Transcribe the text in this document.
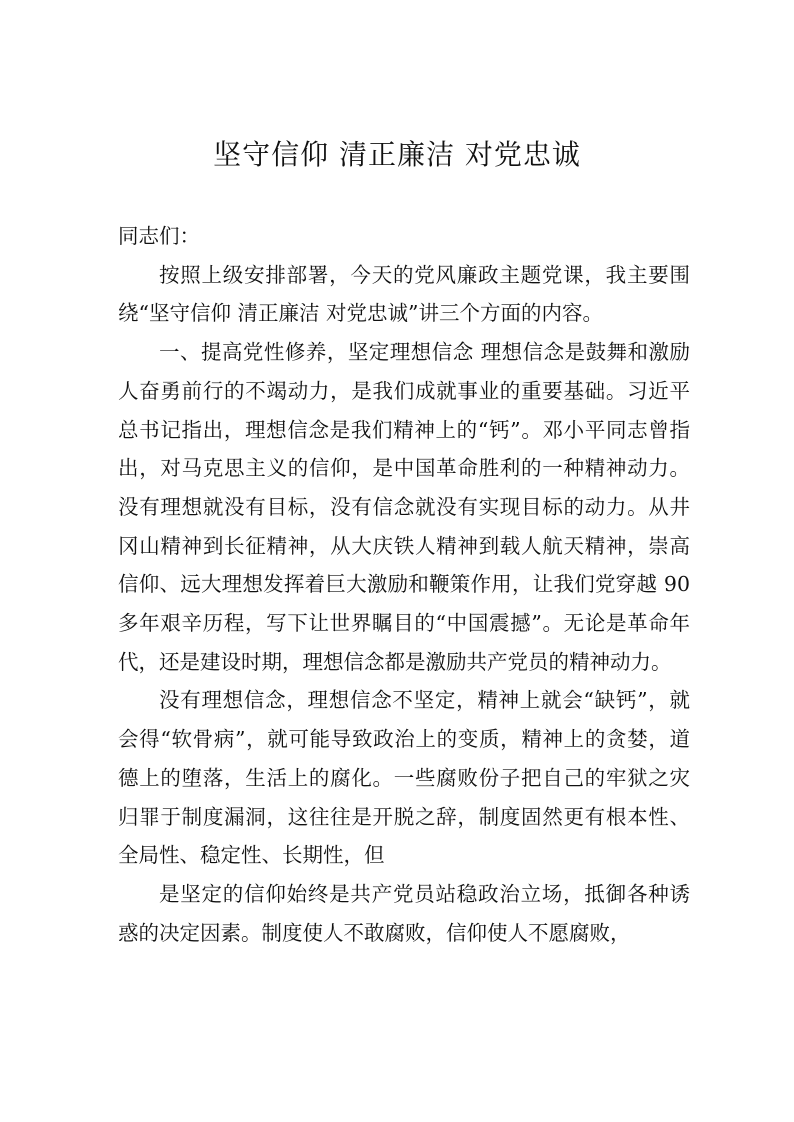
坚守信仰 清正廉洁 对党忠诚

同志们：

按照上级安排部署，今天的党风廉政主题党课，我主要围绕“坚守信仰 清正廉洁 对党忠诚”讲三个方面的内容。

一、提高党性修养，坚定理想信念 理想信念是鼓舞和激励人奋勇前行的不竭动力，是我们成就事业的重要基础。习近平总书记指出，理想信念是我们精神上的“钙”。邓小平同志曾指出，对马克思主义的信仰，是中国革命胜利的一种精神动力。没有理想就没有目标，没有信念就没有实现目标的动力。从井冈山精神到长征精神，从大庆铁人精神到载人航天精神，崇高信仰、远大理想发挥着巨大激励和鞭策作用，让我们党穿越 90 多年艰辛历程，写下让世界瞩目的“中国震撼”。无论是革命年代，还是建设时期，理想信念都是激励共产党员的精神动力。

没有理想信念，理想信念不坚定，精神上就会“缺钙”，就会得“软骨病”，就可能导致政治上的变质，精神上的贪婪，道德上的堕落，生活上的腐化。一些腐败份子把自己的牢狱之灾归罪于制度漏洞，这往往是开脱之辞，制度固然更有根本性、全局性、稳定性、长期性，但

是坚定的信仰始终是共产党员站稳政治立场，抵御各种诱惑的决定因素。制度使人不敢腐败，信仰使人不愿腐败，
